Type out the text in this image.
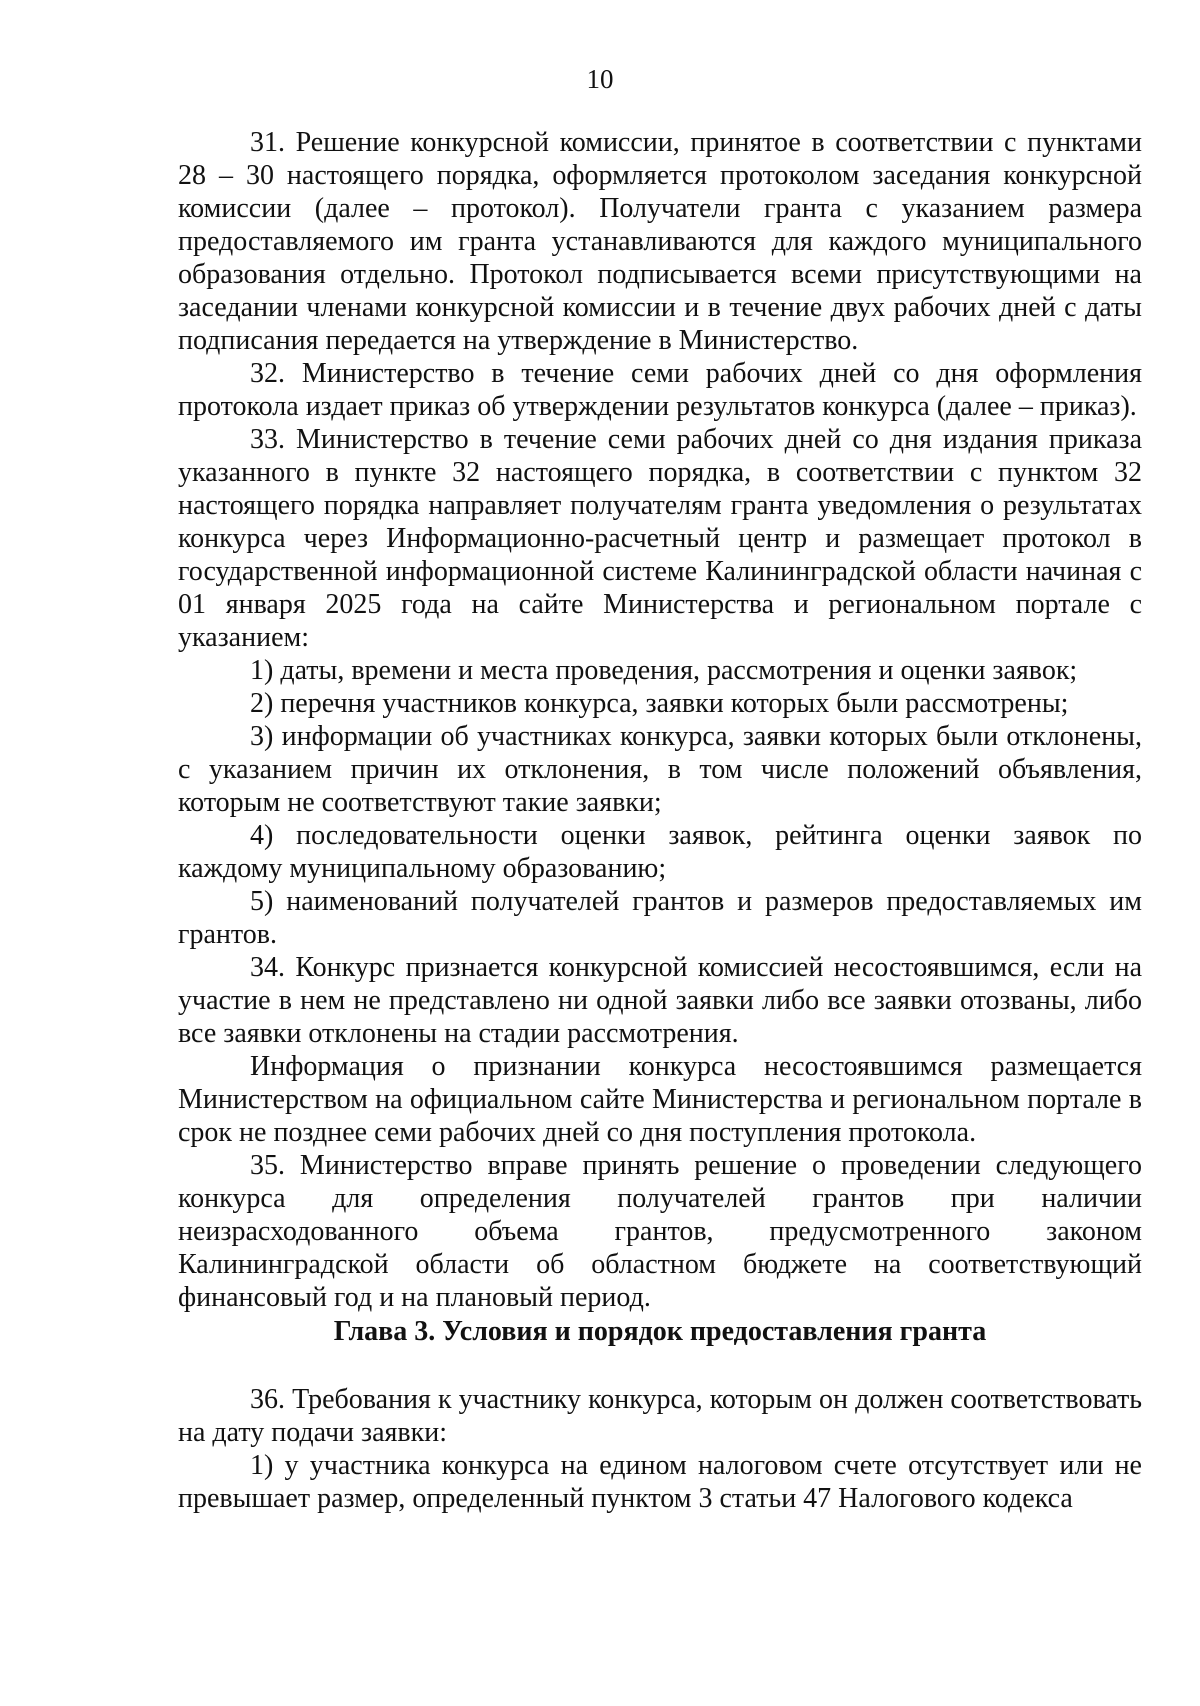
10

31. Решение конкурсной комиссии, принятое в соответствии с пунктами 28 – 30 настоящего порядка, оформляется протоколом заседания конкурсной комиссии (далее – протокол). Получатели гранта с указанием размера предоставляемого им гранта устанавливаются для каждого муниципального образования отдельно. Протокол подписывается всеми присутствующими на заседании членами конкурсной комиссии и в течение двух рабочих дней с даты подписания передается на утверждение в Министерство.

32. Министерство в течение семи рабочих дней со дня оформления протокола издает приказ об утверждении результатов конкурса (далее – приказ).

33. Министерство в течение семи рабочих дней со дня издания приказа указанного в пункте 32 настоящего порядка, в соответствии с пунктом 32 настоящего порядка направляет получателям гранта уведомления о результатах конкурса через Информационно-расчетный центр и размещает протокол в государственной информационной системе Калининградской области начиная с 01 января 2025 года на сайте Министерства и региональном портале с указанием:

1) даты, времени и места проведения, рассмотрения и оценки заявок;

2) перечня участников конкурса, заявки которых были рассмотрены;

3) информации об участниках конкурса, заявки которых были отклонены, с указанием причин их отклонения, в том числе положений объявления, которым не соответствуют такие заявки;

4) последовательности оценки заявок, рейтинга оценки заявок по каждому муниципальному образованию;

5) наименований получателей грантов и размеров предоставляемых им грантов.

34. Конкурс признается конкурсной комиссией несостоявшимся, если на участие в нем не представлено ни одной заявки либо все заявки отозваны, либо все заявки отклонены на стадии рассмотрения.

Информация о признании конкурса несостоявшимся размещается Министерством на официальном сайте Министерства и региональном портале в срок не позднее семи рабочих дней со дня поступления протокола.

35. Министерство вправе принять решение о проведении следующего конкурса для определения получателей грантов при наличии неизрасходованного объема грантов, предусмотренного законом Калининградской области об областном бюджете на соответствующий финансовый год и на плановый период.

Глава 3. Условия и порядок предоставления гранта

36. Требования к участнику конкурса, которым он должен соответствовать на дату подачи заявки:

1) у участника конкурса на едином налоговом счете отсутствует или не превышает размер, определенный пунктом 3 статьи 47 Налогового кодекса
